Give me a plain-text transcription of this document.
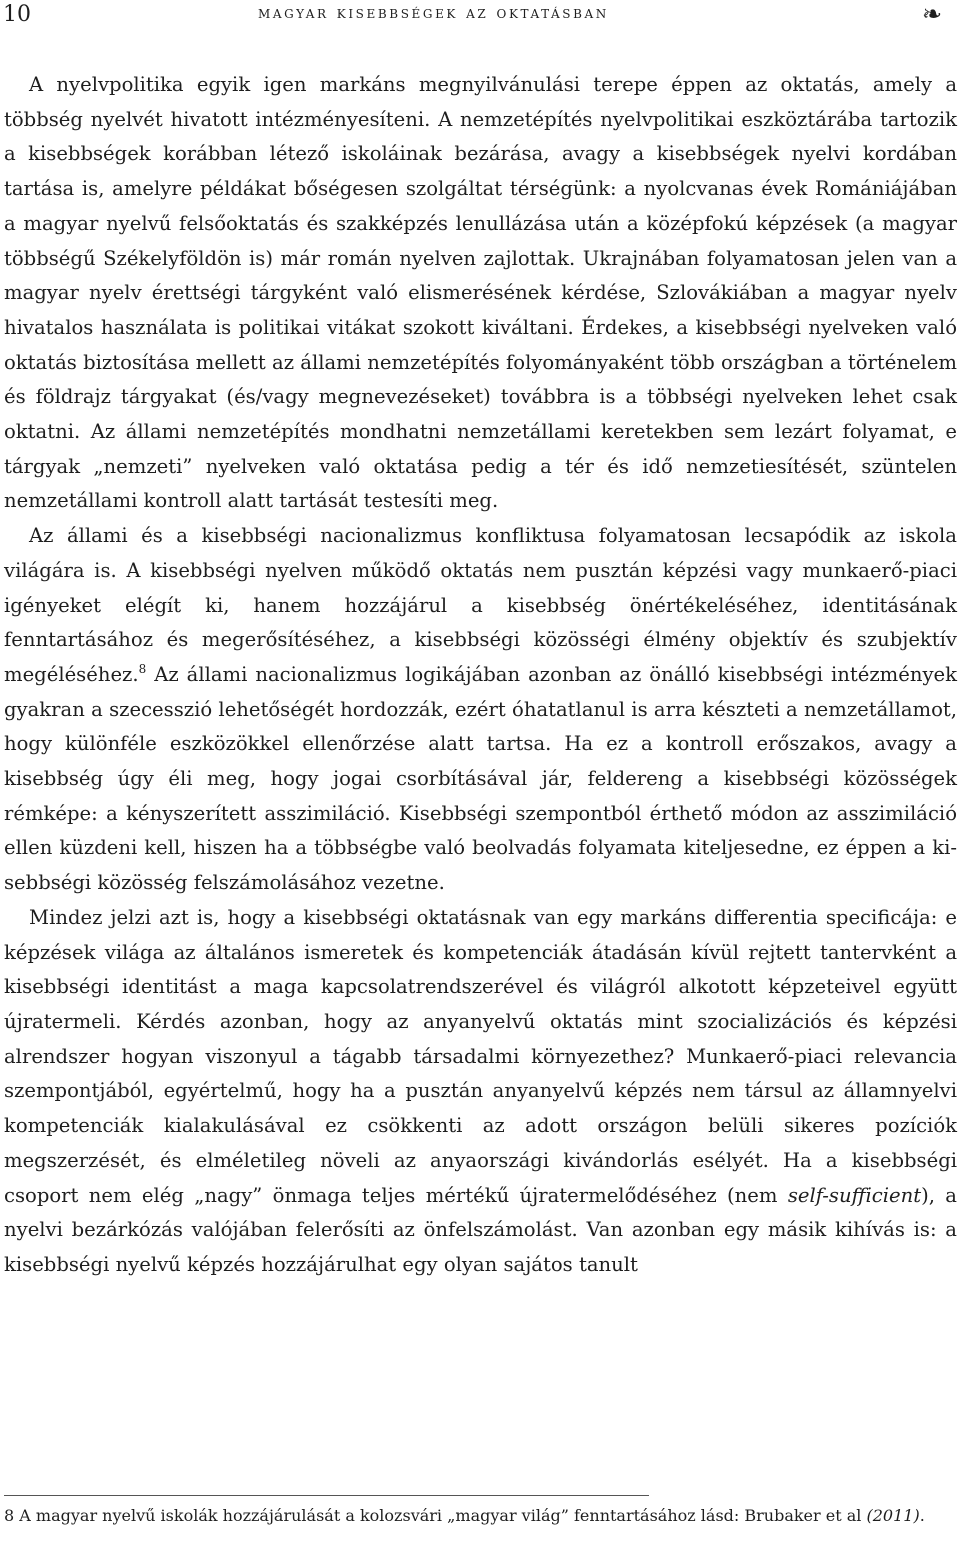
10	magyar kisebbségek az oktatásban	❧

A nyelvpolitika egyik igen markáns megnyilvánulási terepe éppen az oktatás, amely a többség nyelvét hivatott intézményesíteni. A nemzetépítés nyelvpolitikai eszköztárába tartozik a kisebbségek korábban létező iskoláinak bezárása, avagy a kisebbségek nyelvi kordában tartása is, amelyre példákat bőségesen szolgáltat térségünk: a nyolcvanas évek Romániájában a magyar nyelvű felsőoktatás és szakképzés lenullázása után a középfokú képzések (a magyar többségű Székelyföldön is) már román nyelven zajlottak. Ukrajnában folyamatosan jelen van a magyar nyelv érettségi tárgyként való elismerésének kérdése, Szlovákiában a magyar nyelv hivatalos használata is politikai vitákat szokott kiváltani. Érdekes, a kisebbségi nyelveken való oktatás biztosítása mellett az állami nemzetépítés folyományaként több országban a történelem és földrajz tárgyakat (és/vagy megnevezéseket) továbbra is a többségi nyelveken lehet csak oktatni. Az állami nemzetépítés mondhatni nemzetállami keretekben sem lezárt folyamat, e tárgyak „nemzeti” nyelveken való oktatása pedig a tér és idő nemzetiesítését, szüntelen nemzetállami kontroll alatt tartását testesíti meg.

Az állami és a kisebbségi nacionalizmus konfliktusa folyamatosan lecsapódik az iskola világára is. A kisebbségi nyelven működő oktatás nem pusztán képzési vagy munkaerő-piaci igényeket elégít ki, hanem hozzájárul a kisebbség önértékeléséhez, identitásának fenntartásához és megerősítéséhez, a kisebbségi közösségi élmény objektív és szubjektív megéléséhez.$^8$ Az állami nacionalizmus logikájában azonban az önálló kisebbségi intézmények gyakran a szecesszió lehetőségét hordozzák, ezért óhatatlanul is arra készteti a nemzetállamot, hogy különféle eszközökkel ellenőrzése alatt tartsa. Ha ez a kontroll erőszakos, avagy a kisebbség úgy éli meg, hogy jogai csorbításával jár, feldereng a kisebbségi közösségek rémképe: a kényszerített asszimiláció. Kisebbségi szempontból érthető módon az asszimiláció ellen küzdeni kell, hiszen ha a többségbe való beolvadás folyamata kiteljesedne, ez éppen a kisebbségi közösség felszámolásához vezetne.

Mindez jelzi azt is, hogy a kisebbségi oktatásnak van egy markáns differentia specificája: e képzések világa az általános ismeretek és kompetenciák átadásán kívül rejtett tantervként a kisebbségi identitást a maga kapcsolatrendszerével és világról alkotott képzeteivel együtt újratermeli. Kérdés azonban, hogy az anyanyelvű oktatás mint szocializációs és képzési alrendszer hogyan viszonyul a tágabb társadalmi környezethez? Munkaerő-piaci relevancia szempontjából, egyértelmű, hogy ha a pusztán anyanyelvű képzés nem társul az államnyelvi kompetenciák kialakulásával ez csökkenti az adott országon belüli sikeres pozíciók megszerzését, és elméletileg növeli az anyaországi kivándorlás esélyét. Ha a kisebbségi csoport nem elég „nagy” önmaga teljes mértékű újratermelődéséhez (nem self-sufficient), a nyelvi bezárkózás valójában felerősíti az önfelszámolást. Van azonban egy másik kihívás is: a kisebbségi nyelvű képzés hozzájárulhat egy olyan sajátos tanult

8 A magyar nyelvű iskolák hozzájárulását a kolozsvári „magyar világ” fenntartásához lásd: Brubaker et al (2011).
